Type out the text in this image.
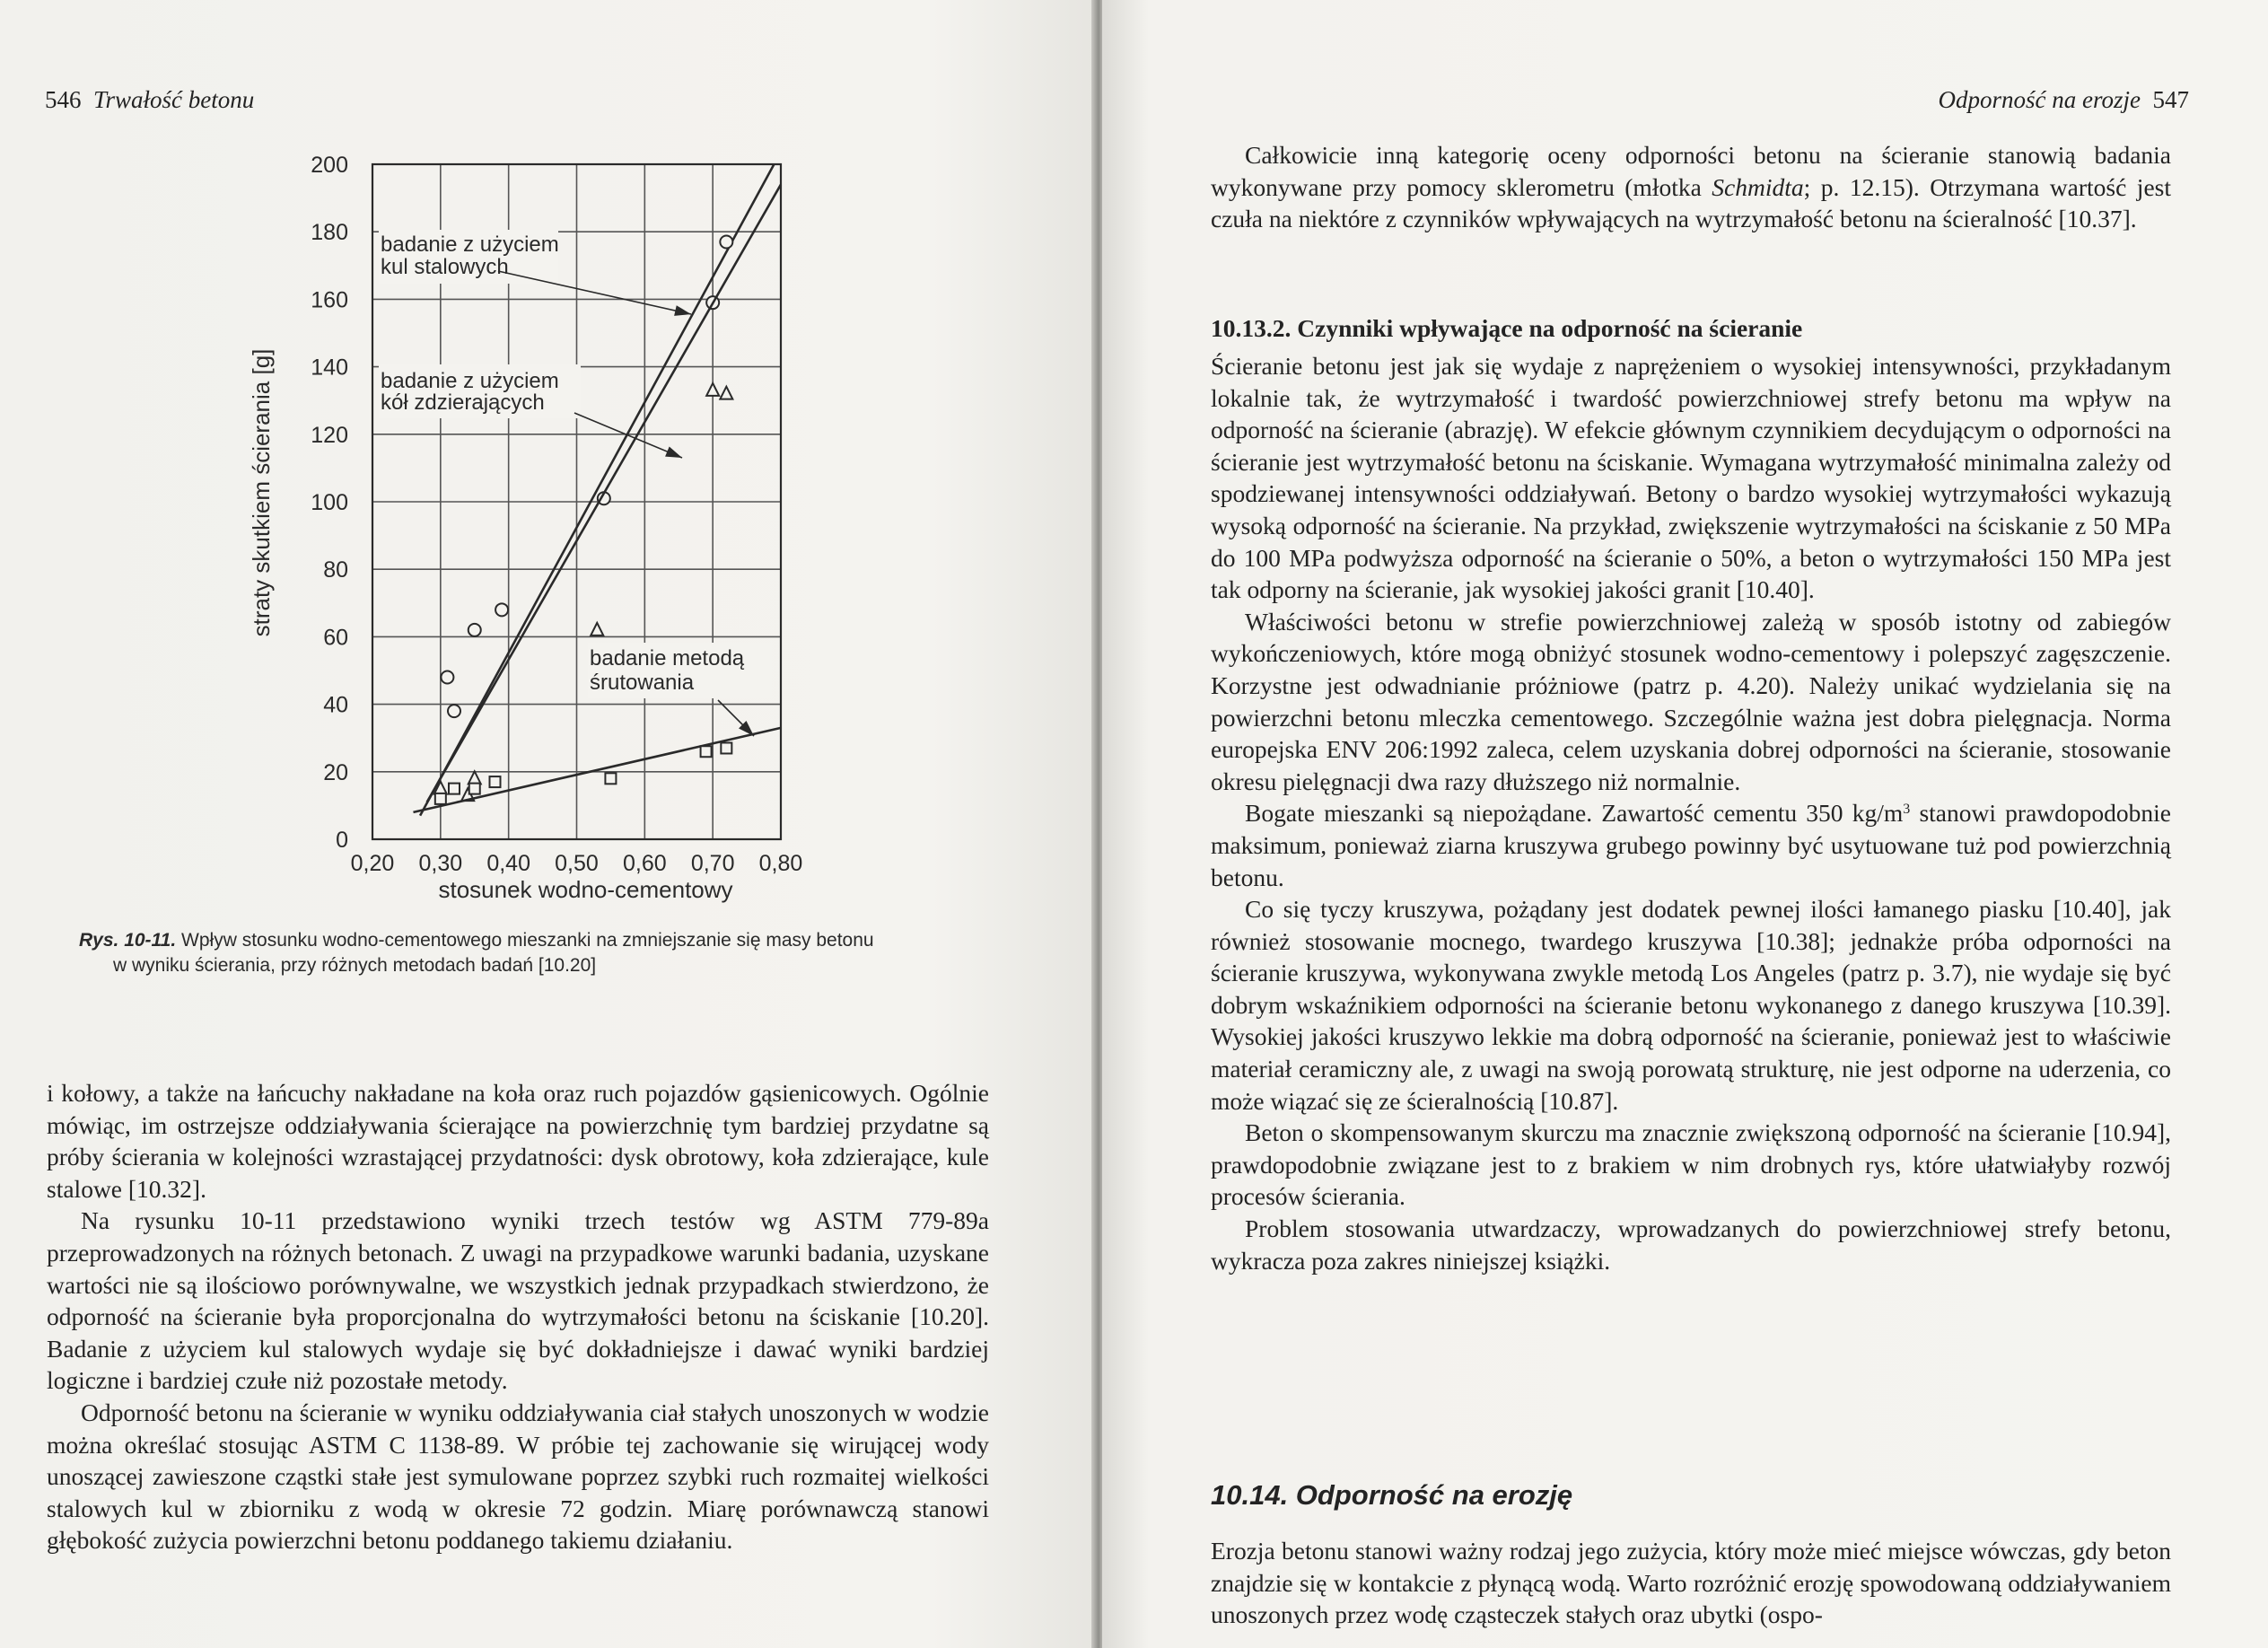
546 Trwałość betonu
0
20
40
60
80
100
120
140
160
180
200
0,20 0,30 0,40 0,50 0,60 0,70 0,80
stosunek wodno-cementowy
straty skutkiem ścierania [g]
badanie z użyciem
kul stalowych
badanie z użyciem
kół zdzierających
badanie metodą
śrutowania
Rys. 10-11. Wpływ stosunku wodno-cementowego mieszanki na zmniejszanie się masy betonu
w wyniku ścierania, przy różnych metodach badań [10.20]

i kołowy, a także na łańcuchy nakładane na koła oraz ruch pojazdów gąsienicowych. Ogólnie mówiąc, im ostrzejsze oddziaływania ścierające na powierzchnię tym bardziej przydatne są próby ścierania w kolejności wzrastającej przydatności: dysk obrotowy, koła zdzierające, kule stalowe [10.32].

Na rysunku 10-11 przedstawiono wyniki trzech testów wg ASTM 779-89a przeprowadzonych na różnych betonach. Z uwagi na przypadkowe warunki badania, uzyskane wartości nie są ilościowo porównywalne, we wszystkich jednak przypadkach stwierdzono, że odporność na ścieranie była proporcjonalna do wytrzymałości betonu na ściskanie [10.20]. Badanie z użyciem kul stalowych wydaje się być dokładniejsze i dawać wyniki bardziej logiczne i bardziej czułe niż pozostałe metody.

Odporność betonu na ścieranie w wyniku oddziaływania ciał stałych unoszonych w wodzie można określać stosując ASTM C 1138-89. W próbie tej zachowanie się wirującej wody unoszącej zawieszone cząstki stałe jest symulowane poprzez szybki ruch rozmaitej wielkości stalowych kul w zbiorniku z wodą w okresie 72 godzin. Miarę porównawczą stanowi głębokość zużycia powierzchni betonu poddanego takiemu działaniu.

Odporność na erozje 547

Całkowicie inną kategorię oceny odporności betonu na ścieranie stanowią badania wykonywane przy pomocy sklerometru (młotka Schmidta; p. 12.15). Otrzymana wartość jest czuła na niektóre z czynników wpływających na wytrzymałość betonu na ścieralność [10.37].

10.13.2. Czynniki wpływające na odporność na ścieranie

Ścieranie betonu jest jak się wydaje z naprężeniem o wysokiej intensywności, przykładanym lokalnie tak, że wytrzymałość i twardość powierzchniowej strefy betonu ma wpływ na odporność na ścieranie (abrazję). W efekcie głównym czynnikiem decydującym o odporności na ścieranie jest wytrzymałość betonu na ściskanie. Wymagana wytrzymałość minimalna zależy od spodziewanej intensywności oddziaływań. Betony o bardzo wysokiej wytrzymałości wykazują wysoką odporność na ścieranie. Na przykład, zwiększenie wytrzymałości na ściskanie z 50 MPa do 100 MPa podwyższa odporność na ścieranie o 50%, a beton o wytrzymałości 150 MPa jest tak odporny na ścieranie, jak wysokiej jakości granit [10.40].

Właściwości betonu w strefie powierzchniowej zależą w sposób istotny od zabiegów wykończeniowych, które mogą obniżyć stosunek wodno-cementowy i polepszyć zagęszczenie. Korzystne jest odwadnianie próżniowe (patrz p. 4.20). Należy unikać wydzielania się na powierzchni betonu mleczka cementowego. Szczególnie ważna jest dobra pielęgnacja. Norma europejska ENV 206:1992 zaleca, celem uzyskania dobrej odporności na ścieranie, stosowanie okresu pielęgnacji dwa razy dłuższego niż normalnie.

Bogate mieszanki są niepożądane. Zawartość cementu 350 $kg/m^3$ stanowi prawdopodobnie maksimum, ponieważ ziarna kruszywa grubego powinny być usytuowane tuż pod powierzchnią betonu.

Co się tyczy kruszywa, pożądany jest dodatek pewnej ilości łamanego piasku [10.40], jak również stosowanie mocnego, twardego kruszywa [10.38]; jednakże próba odporności na ścieranie kruszywa, wykonywana zwykle metodą Los Angeles (patrz p. 3.7), nie wydaje się być dobrym wskaźnikiem odporności na ścieranie betonu wykonanego z danego kruszywa [10.39]. Wysokiej jakości kruszywo lekkie ma dobrą odporność na ścieranie, ponieważ jest to właściwie materiał ceramiczny ale, z uwagi na swoją porowatą strukturę, nie jest odporne na uderzenia, co może wiązać się ze ścieralnością [10.87].

Beton o skompensowanym skurczu ma znacznie zwiększoną odporność na ścieranie [10.94], prawdopodobnie związane jest to z brakiem w nim drobnych rys, które ułatwiałyby rozwój procesów ścierania.

Problem stosowania utwardzaczy, wprowadzanych do powierzchniowej strefy betonu, wykracza poza zakres niniejszej książki.

10.14. Odporność na erozję

Erozja betonu stanowi ważny rodzaj jego zużycia, który może mieć miejsce wówczas, gdy beton znajdzie się w kontakcie z płynącą wodą. Warto rozróżnić erozję spowodowaną oddziaływaniem unoszonych przez wodę cząsteczek stałych oraz ubytki (ospo-
